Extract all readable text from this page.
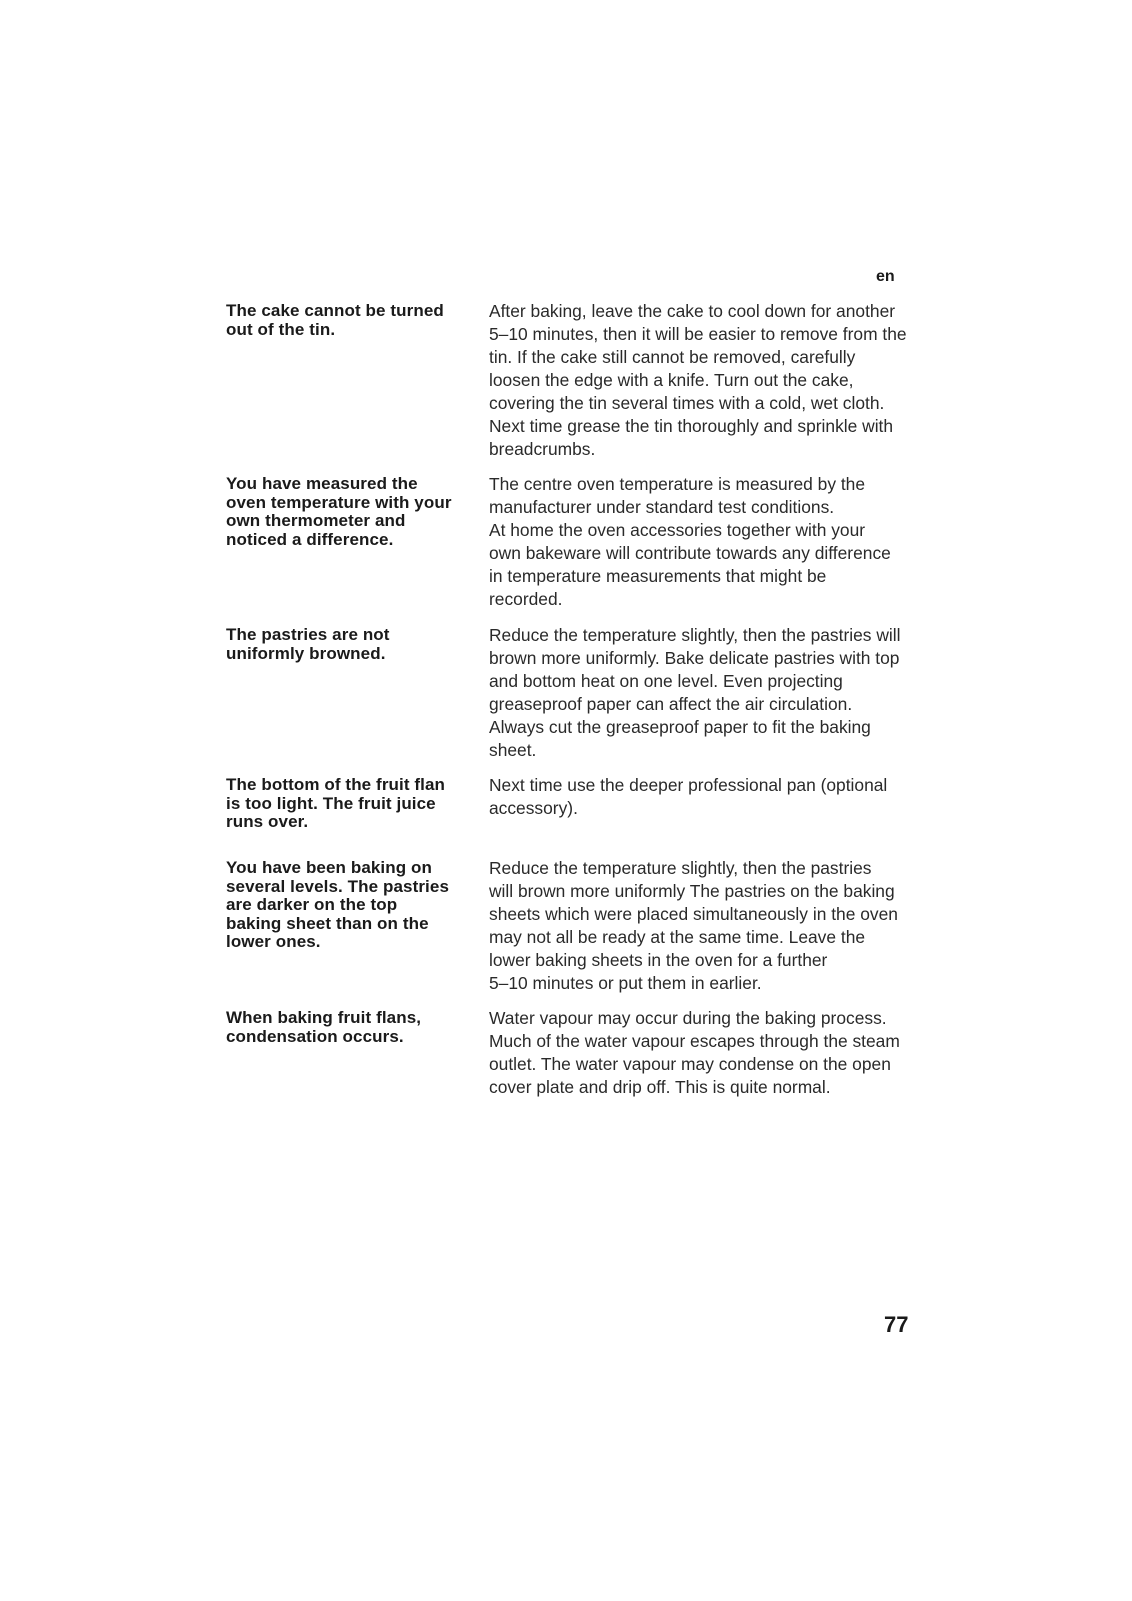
en

The cake cannot be turned
out of the tin.

After baking, leave the cake to cool down for another
5‒10 minutes, then it will be easier to remove from the
tin. If the cake still cannot be removed, carefully
loosen the edge with a knife. Turn out the cake,
covering the tin several times with a cold, wet cloth.
Next time grease the tin thoroughly and sprinkle with
breadcrumbs.

You have measured the
oven temperature with your
own thermometer and
noticed a difference.

The centre oven temperature is measured by the
manufacturer under standard test conditions.
At home the oven accessories together with your
own bakeware will contribute towards any difference
in temperature measurements that might be
recorded.

The pastries are not
uniformly browned.

Reduce the temperature slightly, then the pastries will
brown more uniformly. Bake delicate pastries with top
and bottom heat on one level. Even projecting
greaseproof paper can affect the air circulation.
Always cut the greaseproof paper to fit the baking
sheet.

The bottom of the fruit flan
is too light. The fruit juice
runs over.

Next time use the deeper professional pan (optional
accessory).

You have been baking on
several levels. The pastries
are darker on the top
baking sheet than on the
lower ones.

Reduce the temperature slightly, then the pastries
will brown more uniformly The pastries on the baking
sheets which were placed simultaneously in the oven
may not all be ready at the same time. Leave the
lower baking sheets in the oven for a further
5‒10 minutes or put them in earlier.

When baking fruit flans,
condensation occurs.

Water vapour may occur during the baking process.
Much of the water vapour escapes through the steam
outlet. The water vapour may condense on the open
cover plate and drip off. This is quite normal.

77
